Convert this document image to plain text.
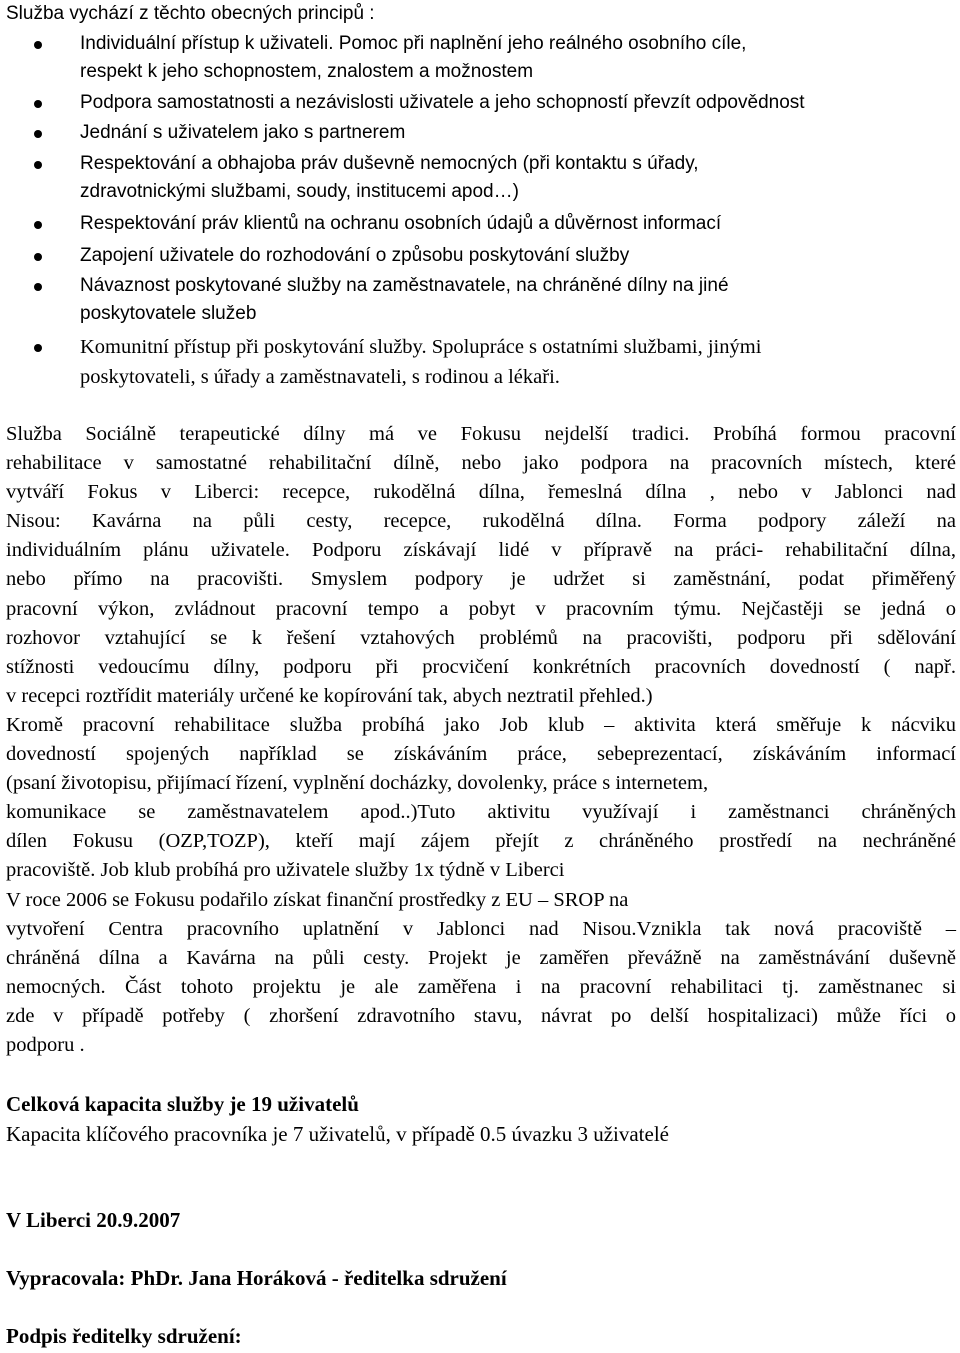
Služba vychází z těchto obecných principů :
Individuální přístup k uživateli. Pomoc při naplnění jeho reálného osobního cíle,
respekt k jeho schopnostem, znalostem a možnostem
Podpora samostatnosti a nezávislosti uživatele a jeho schopností převzít odpovědnost
Jednání s uživatelem jako s partnerem
Respektování a obhajoba práv duševně nemocných (při kontaktu s úřady,
zdravotnickými službami, soudy, institucemi apod…)
Respektování práv klientů na ochranu osobních údajů a důvěrnost informací
Zapojení uživatele do rozhodování o způsobu poskytování služby
Návaznost poskytované služby na zaměstnavatele, na chráněné dílny na jiné
poskytovatele služeb
Komunitní přístup při poskytování služby. Spolupráce s ostatními službami, jinými
poskytovateli, s úřady a zaměstnavateli, s rodinou a lékaři.
Služba Sociálně terapeutické dílny má ve Fokusu nejdelší tradici. Probíhá formou pracovní
rehabilitace v samostatné rehabilitační dílně, nebo jako podpora na pracovních místech, které
vytváří Fokus v Liberci: recepce, rukodělná dílna, řemeslná dílna , nebo v Jablonci nad
Nisou: Kavárna na půli cesty, recepce, rukodělná dílna. Forma podpory záleží na
individuálním plánu uživatele. Podporu získávají lidé v přípravě na práci- rehabilitační dílna,
nebo přímo na pracovišti. Smyslem podpory je udržet si zaměstnání, podat přiměřený
pracovní výkon, zvládnout pracovní tempo a pobyt v pracovním týmu. Nejčastěji se jedná o
rozhovor vztahující se k řešení vztahových problémů na pracovišti, podporu při sdělování
stížnosti vedoucímu dílny, podporu při procvičení konkrétních pracovních dovedností ( např.
v recepci roztřídit materiály určené ke kopírování tak, abych neztratil přehled.)
Kromě pracovní rehabilitace služba probíhá jako Job klub – aktivita která směřuje k nácviku
dovedností spojených například se získáváním práce, sebeprezentací, získáváním informací
(psaní životopisu, přijímací řízení, vyplnění docházky, dovolenky, práce s internetem,
komunikace se zaměstnavatelem apod..)Tuto aktivitu využívají i zaměstnanci chráněných
dílen Fokusu (OZP,TOZP), kteří mají zájem přejít z chráněného prostředí na nechráněné
pracoviště. Job klub probíhá pro uživatele služby 1x týdně v Liberci
V roce 2006 se Fokusu podařilo získat finanční prostředky z EU – SROP na
vytvoření Centra pracovního uplatnění v Jablonci nad Nisou.Vznikla tak nová pracoviště –
chráněná dílna a Kavárna na půli cesty. Projekt je zaměřen převážně na zaměstnávání duševně
nemocných. Část tohoto projektu je ale zaměřena i na pracovní rehabilitaci tj. zaměstnanec si
zde v případě potřeby ( zhoršení zdravotního stavu, návrat po delší hospitalizaci) může říci o
podporu .
Celková kapacita služby je 19 uživatelů
Kapacita klíčového pracovníka je 7 uživatelů, v případě 0.5 úvazku 3 uživatelé
V Liberci 20.9.2007
Vypracovala: PhDr. Jana Horáková - ředitelka sdružení
Podpis ředitelky sdružení:
